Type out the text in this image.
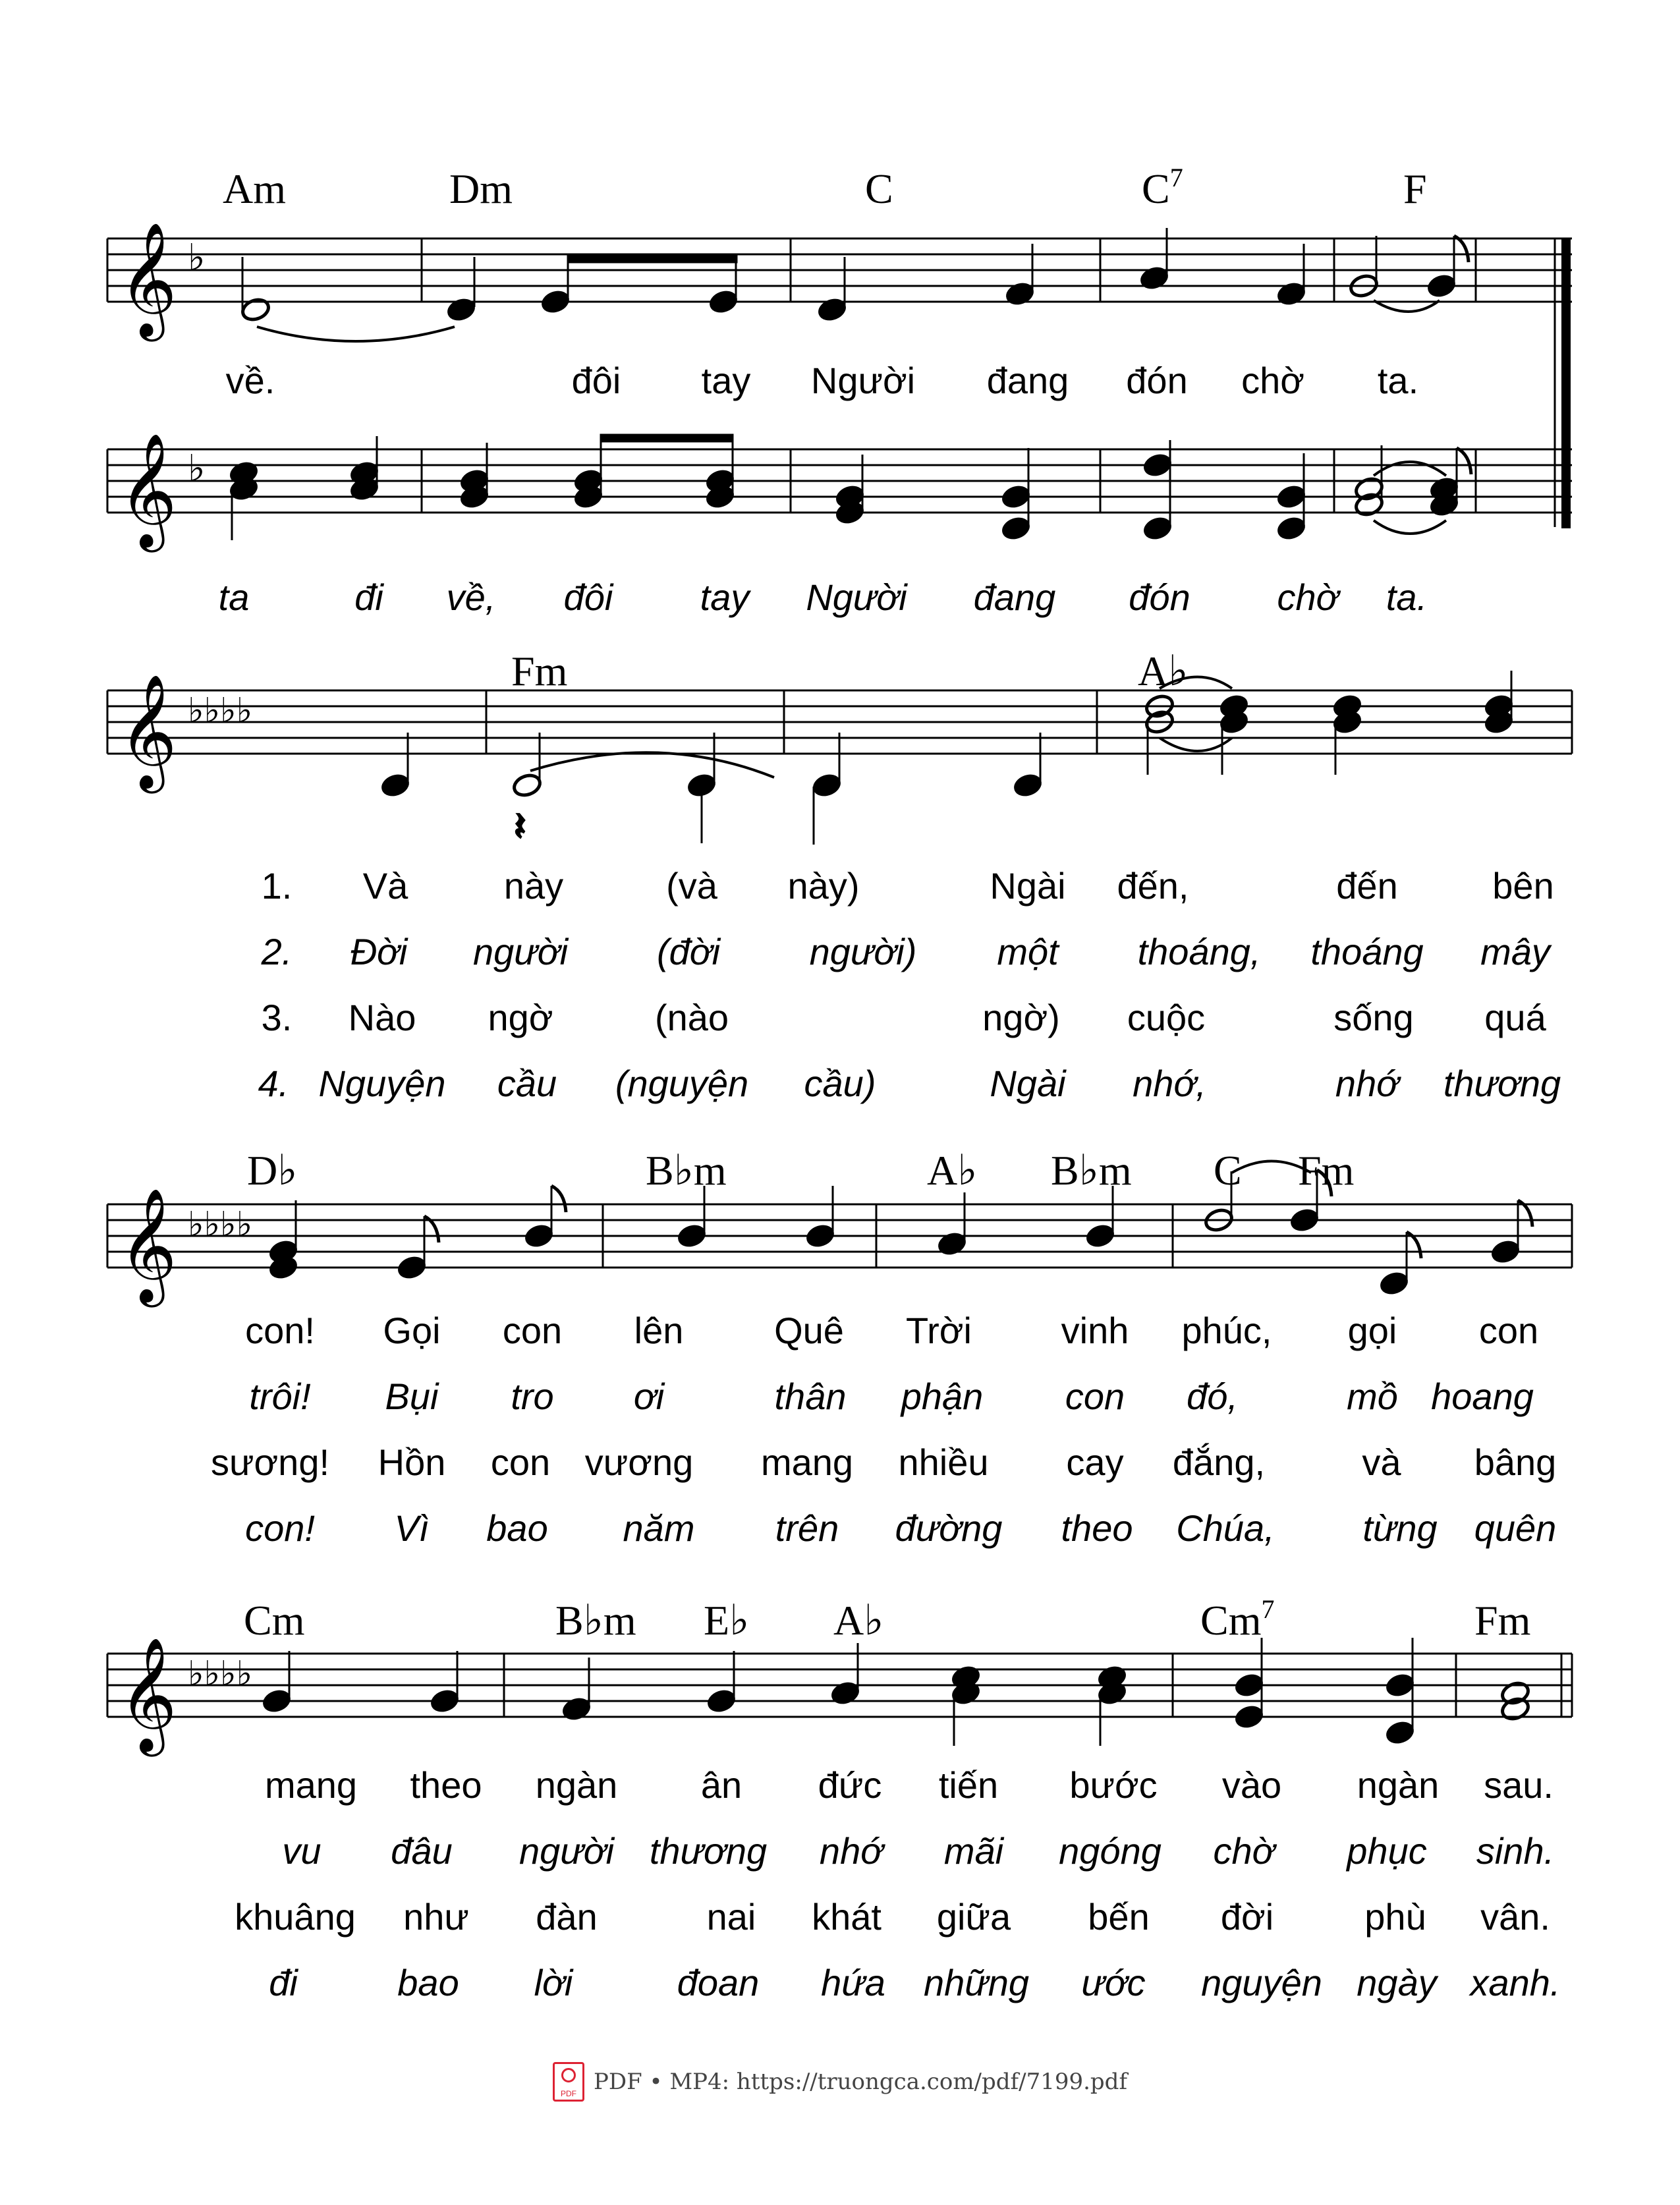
Am	Dm	C	$C^7$	F
𝄞 ♭
𝄞 ♭
𝄞 ♭♭♭♭
𝄽
𝄞 ♭♭♭♭
𝄞 ♭♭♭♭
về.	đôi tay Người đang đón chờ ta.
ta	đi về, đôi tay Người đang đón chờ ta.
Fm	A♭
1. Và	này	(và này)	Ngài đến,	đến	bên
2. Đời người (đời người) một thoáng, thoáng mây
3. Nào ngờ	(nào	ngờ) cuộc	sống quá
4. Nguyện cầu (nguyện cầu)	Ngài nhớ,	nhớ thương
D♭	B♭m	A♭ B♭m C Fm
con! Gọi con lên Quê Trời vinh phúc, gọi con
trôi! Bụi tro ơi	thân phận con đó,	mồ hoang
sương! Hồn con vương mang nhiều cay đắng,	và bâng
con! Vì bao năm trên đường theo Chúa, từng quên
Cm	B♭m E♭ A♭	Cm$^7$	Fm
mang theo ngàn ân đức tiến bước vào ngàn sau.
vu đâu người thương nhớ mãi ngóng chờ phục sinh.
khuâng như đàn	nai khát giữa bến đời phù vân.
đi	bao lời	đoan hứa những ước nguyện ngày xanh.
PDF
PDF • MP4: https://truongca.com/pdf/7199.pdf
